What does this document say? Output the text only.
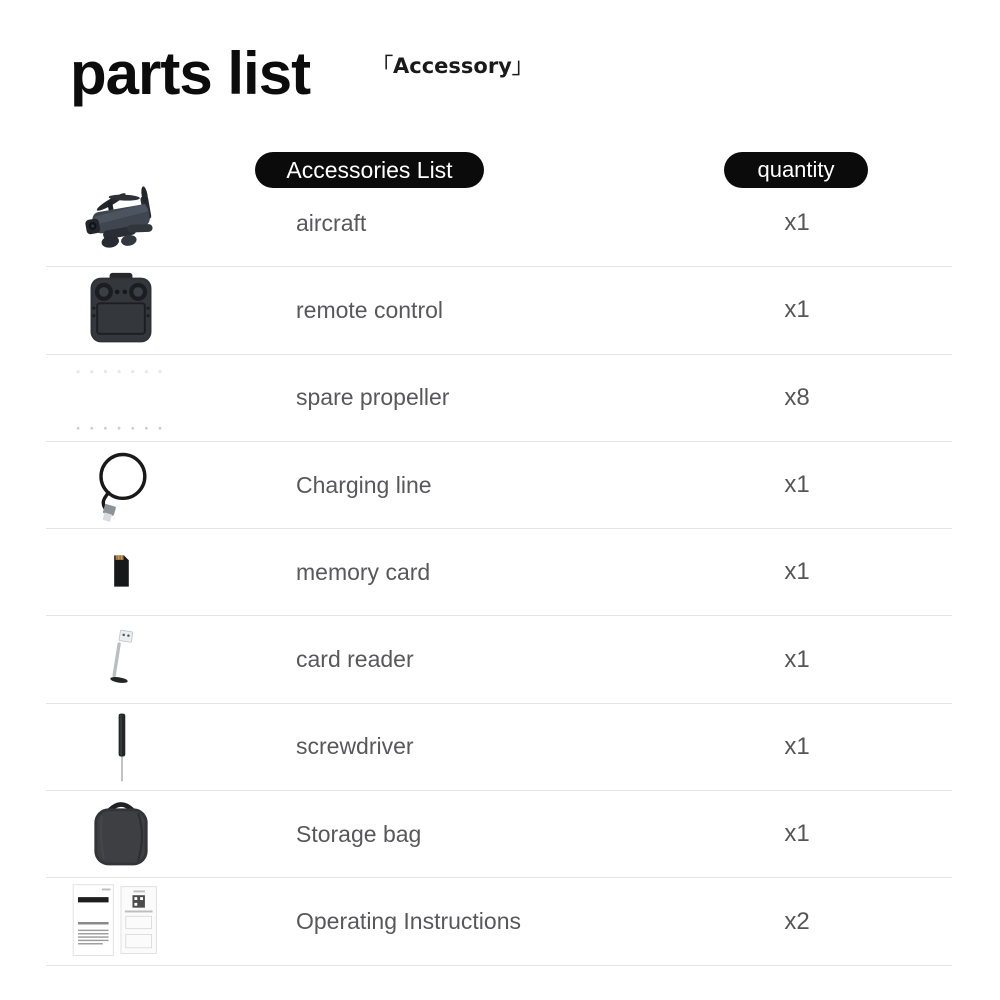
parts list	「Accessory」
Accessories List	quantity
aircraft	x1
remote control	x1
spare propeller	x8
Charging line	x1
memory card	x1
card reader	x1
screwdriver	x1
Storage bag	x1
Operating Instructions	x2
